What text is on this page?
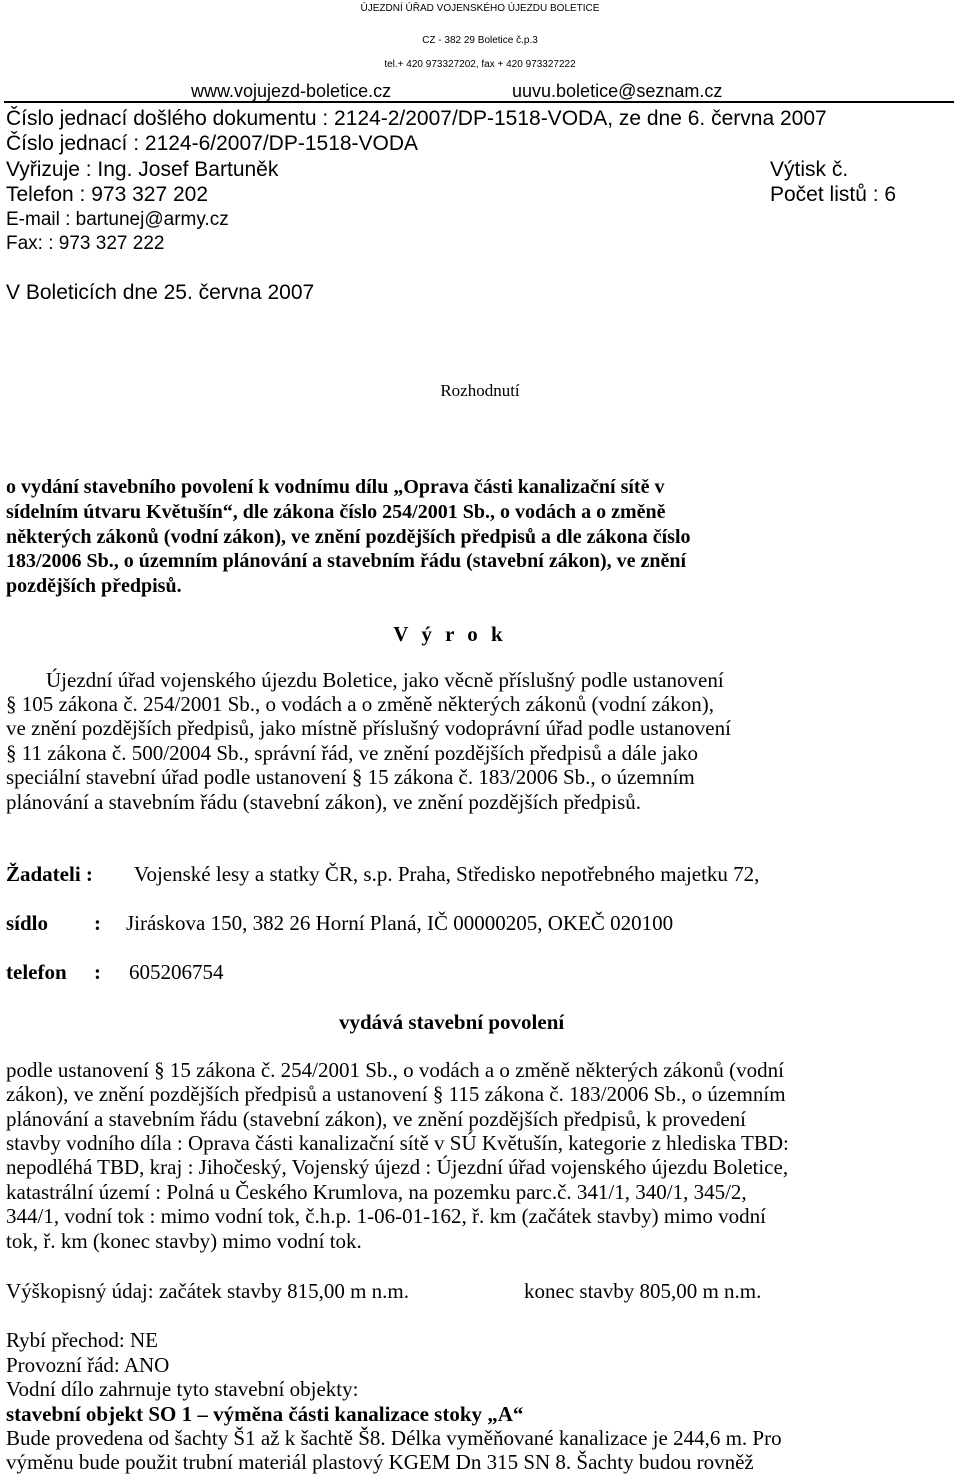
ÚJEZDNÍ ÚŘAD VOJENSKÉHO ÚJEZDU BOLETICE
CZ - 382 29 Boletice č.p.3
tel.+ 420 973327202, fax + 420 973327222
www.vojujezd-boletice.cz	uuvu.boletice@seznam.cz
Číslo jednací došlého dokumentu : 2124-2/2007/DP-1518-VODA, ze dne 6. června 2007
Číslo jednací : 2124-6/2007/DP-1518-VODA
Vyřizuje : Ing. Josef Bartuněk	Výtisk č.
Telefon : 973 327 202	Počet listů : 6
E-mail : bartunej@army.cz
Fax: : 973 327 222
V Boleticích dne 25. června 2007
Rozhodnutí
o vydání stavebního povolení k vodnímu dílu „Oprava části kanalizační sítě v
sídelním útvaru Květušín“, dle zákona číslo 254/2001 Sb., o vodách a o změně
některých zákonů (vodní zákon), ve znění pozdějších předpisů a dle zákona číslo
183/2006 Sb., o územním plánování a stavebním řádu (stavební zákon), ve znění
pozdějších předpisů.
V ý r o k
Újezdní úřad vojenského újezdu Boletice, jako věcně příslušný podle ustanovení
§ 105 zákona č. 254/2001 Sb., o vodách a o změně některých zákonů (vodní zákon),
ve znění pozdějších předpisů, jako místně příslušný vodoprávní úřad podle ustanovení
§ 11 zákona č. 500/2004 Sb., správní řád, ve znění pozdějších předpisů a dále jako
speciální stavební úřad podle ustanovení § 15 zákona č. 183/2006 Sb., o územním
plánování a stavebním řádu (stavební zákon), ve znění pozdějších předpisů.
Žadateli : Vojenské lesy a statky ČR, s.p. Praha, Středisko nepotřebného majetku 72,
sídlo : Jiráskova 150, 382 26 Horní Planá, IČ 00000205, OKEČ 020100
telefon : 605206754
vydává stavební povolení
podle ustanovení § 15 zákona č. 254/2001 Sb., o vodách a o změně některých zákonů (vodní
zákon), ve znění pozdějších předpisů a ustanovení § 115 zákona č. 183/2006 Sb., o územním
plánování a stavebním řádu (stavební zákon), ve znění pozdějších předpisů, k provedení
stavby vodního díla : Oprava části kanalizační sítě v SÚ Květušín, kategorie z hlediska TBD:
nepodléhá TBD, kraj : Jihočeský, Vojenský újezd : Újezdní úřad vojenského újezdu Boletice,
katastrální území : Polná u Českého Krumlova, na pozemku parc.č. 341/1, 340/1, 345/2,
344/1, vodní tok : mimo vodní tok, č.h.p. 1-06-01-162, ř. km (začátek stavby) mimo vodní
tok, ř. km (konec stavby) mimo vodní tok.
Výškopisný údaj: začátek stavby 815,00 m n.m.	konec stavby 805,00 m n.m.
Rybí přechod: NE
Provozní řád: ANO
Vodní dílo zahrnuje tyto stavební objekty:
stavební objekt SO 1 – výměna části kanalizace stoky „A“
Bude provedena od šachty Š1 až k šachtě Š8. Délka vyměňované kanalizace je 244,6 m. Pro
výměnu bude použit trubní materiál plastový KGEM Dn 315 SN 8. Šachty budou rovněž
